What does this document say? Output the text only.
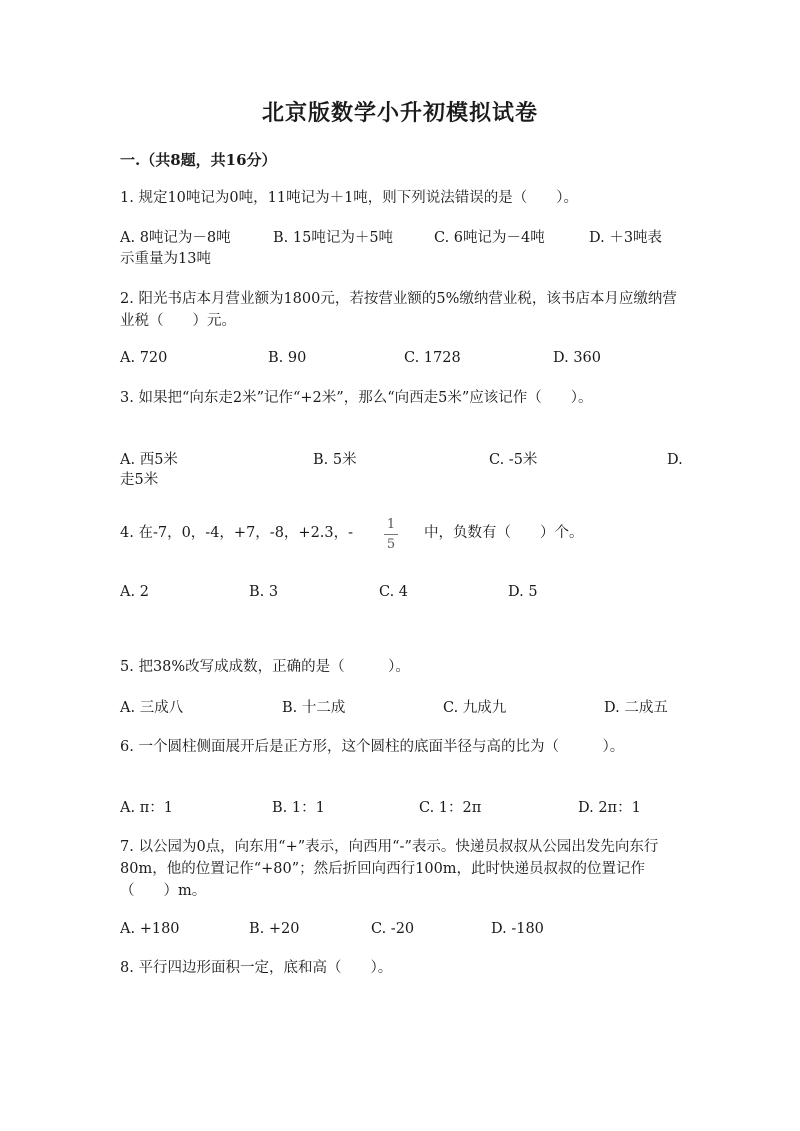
北京版数学小升初模拟试卷

一.（共8题，共16分）

1. 规定10吨记为0吨，11吨记为＋1吨，则下列说法错误的是（　　）。

A. 8吨记为－8吨	B. 15吨记为＋5吨	C. 6吨记为－4吨	D. ＋3吨表
示重量为13吨

2. 阳光书店本月营业额为1800元，若按营业额的5%缴纳营业税，该书店本月应缴纳营业税（　　）元。

A. 720	B. 90	C. 1728	D. 360

3. 如果把“向东走2米”记作“+2米”，那么“向西走5米”应该记作（　　）。

A. 西5米	B. 5米	C. -5米	D.
走5米
4. 在-7，0，-4，+7，-8，+2.3，-
1
5
中，负数有（　　）个。
A. 2	B. 3	C. 4	D. 5

5. 把38%改写成成数，正确的是（　　　）。

A. 三成八	B. 十二成	C. 九成九	D. 二成五

6. 一个圆柱侧面展开后是正方形，这个圆柱的底面半径与高的比为（　　　）。

A. π：1	B. 1：1	C. 1：2π	D. 2π：1

7. 以公园为0点，向东用“+”表示，向西用“-”表示。快递员叔叔从公园出发先向东行80m，他的位置记作“+80”；然后折回向西行100m，此时快递员叔叔的位置记作（　　）m。

A. +180	B. +20	C. -20	D. -180

8. 平行四边形面积一定，底和高（　　）。
